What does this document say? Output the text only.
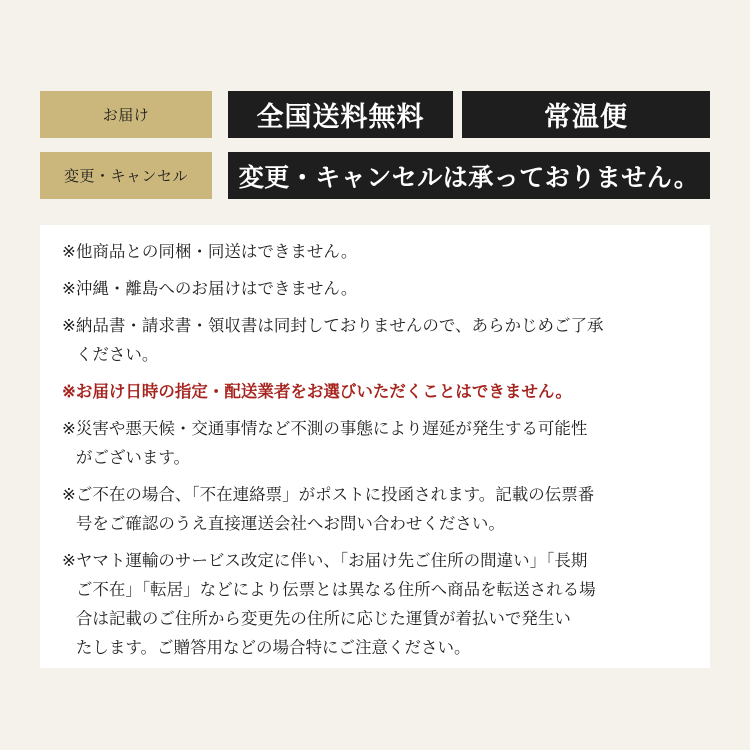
お届け	全国送料無料	常温便
変更・キャンセル	変更・キャンセルは承っておりません。
※ 他商品との同梱・同送はできません。
※ 沖縄・離島へのお届けはできません。
※ 納品書・請求書・領収書は同封しておりませんので、あらかじめご了承
ください。
※ お届け日時の指定・配送業者をお選びいただくことはできません。
※ 災害や悪天候・交通事情など不測の事態により遅延が発生する可能性
がございます。
※ ご不在の場合、「不在連絡票」がポストに投函されます。記載の伝票番
号をご確認のうえ直接運送会社へお問い合わせください。
※ ヤマト運輸のサービス改定に伴い、「お届け先ご住所の間違い」「長期
ご不在」「転居」などにより伝票とは異なる住所へ商品を転送される場
合は記載のご住所から変更先の住所に応じた運賃が着払いで発生い
たします。ご贈答用などの場合特にご注意ください。
